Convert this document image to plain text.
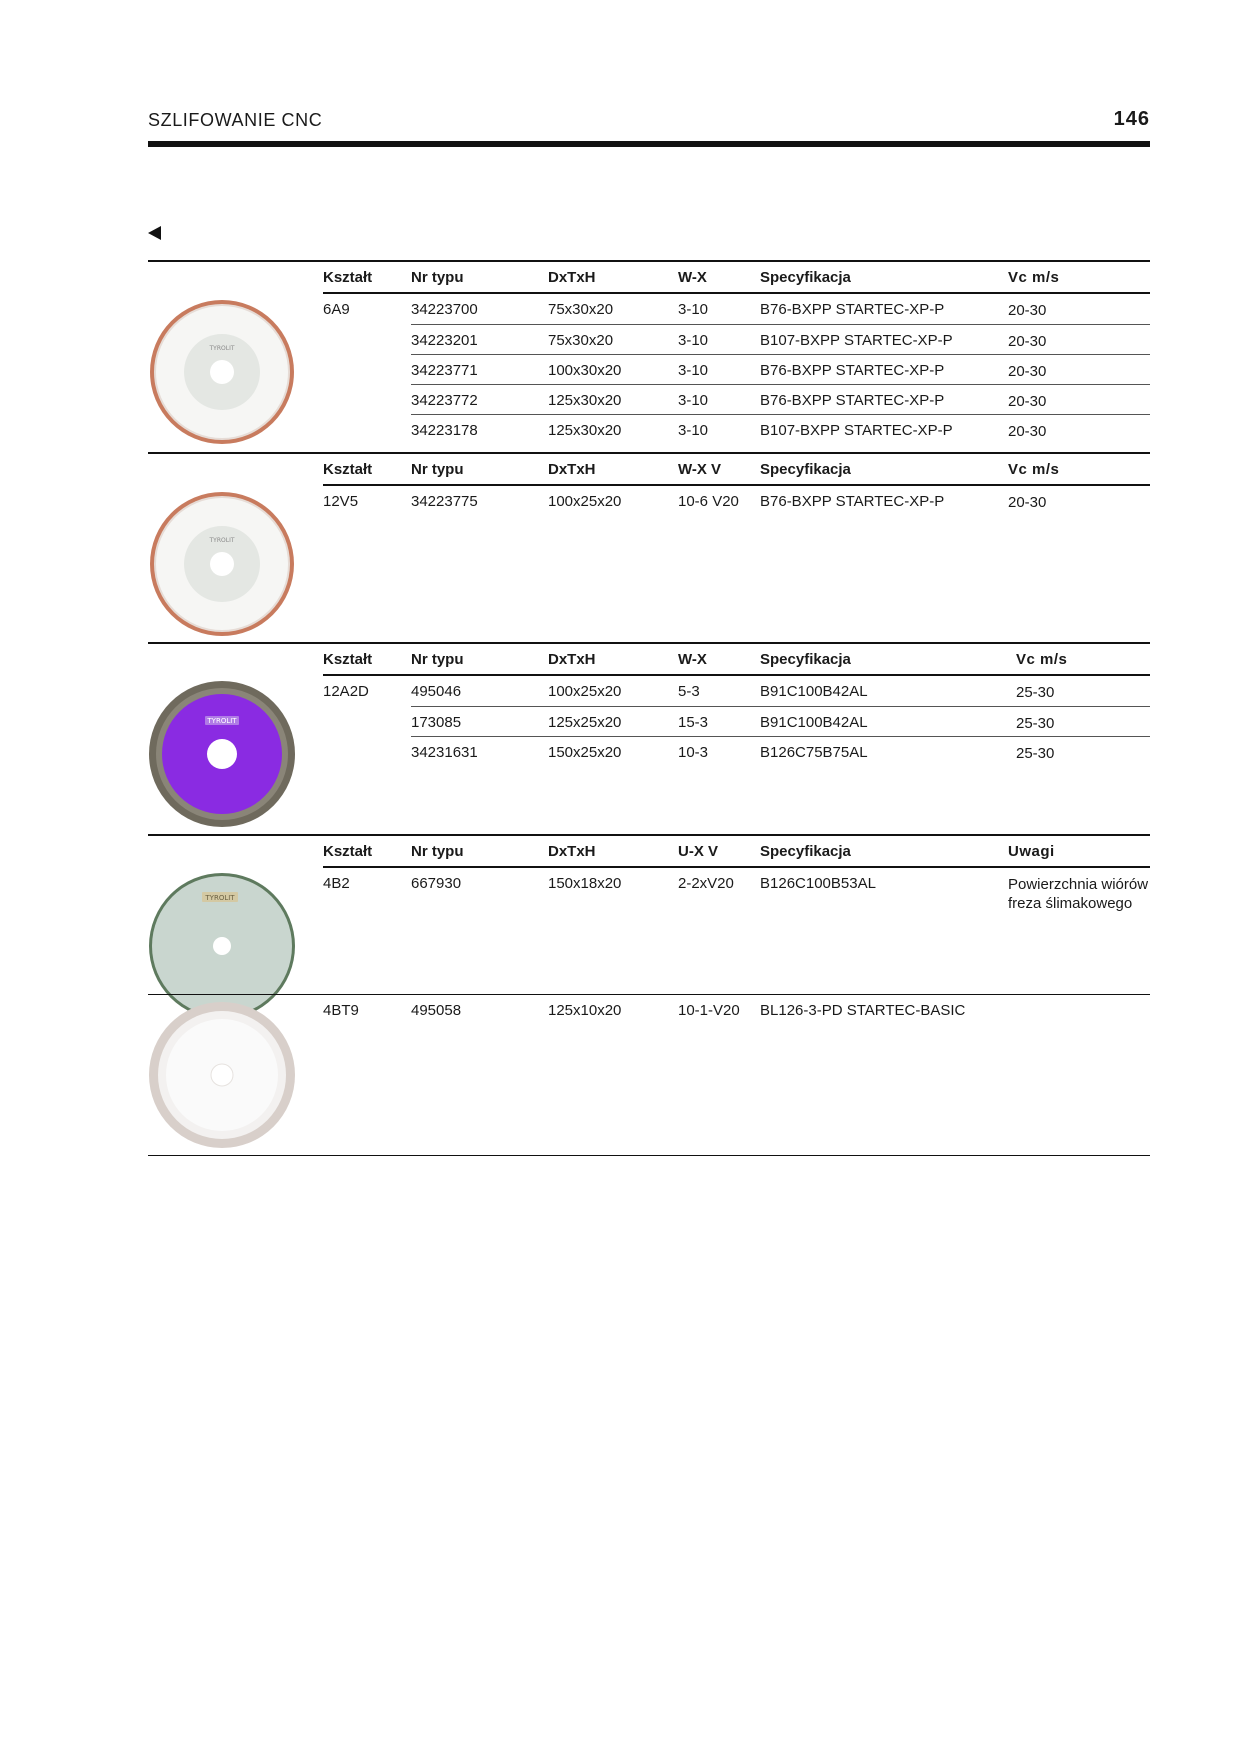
SZLIFOWANIE CNC	146
Kształt	Nr typu	DxTxH	W-X	Specyfikacja	Vc m/s
TYROLIT
6A9	34223700	75x30x20	3-10	B76-BXPP STARTEC-XP-P	20-30
34223201	75x30x20	3-10	B107-BXPP STARTEC-XP-P	20-30
34223771	100x30x20	3-10	B76-BXPP STARTEC-XP-P	20-30
34223772	125x30x20	3-10	B76-BXPP STARTEC-XP-P	20-30
34223178	125x30x20	3-10	B107-BXPP STARTEC-XP-P	20-30
Kształt	Nr typu	DxTxH	W-X V	Specyfikacja	Vc m/s
TYROLIT
12V5	34223775	100x25x20	10-6 V20	B76-BXPP STARTEC-XP-P	20-30
Kształt	Nr typu	DxTxH	W-X	Specyfikacja	Vc m/s
TYROLIT
12A2D	495046	100x25x20	5-3	B91C100B42AL	25-30
173085	125x25x20	15-3	B91C100B42AL	25-30
34231631	150x25x20	10-3	B126C75B75AL	25-30
Kształt	Nr typu	DxTxH	U-X V	Specyfikacja	Uwagi
TYROLIT
4B2	667930	150x18x20	2-2xV20	B126C100B53AL	Powierzchnia wiórów freza ślimakowego
4BT9	495058	125x10x20	10-1-V20	BL126-3-PD STARTEC-BASIC
